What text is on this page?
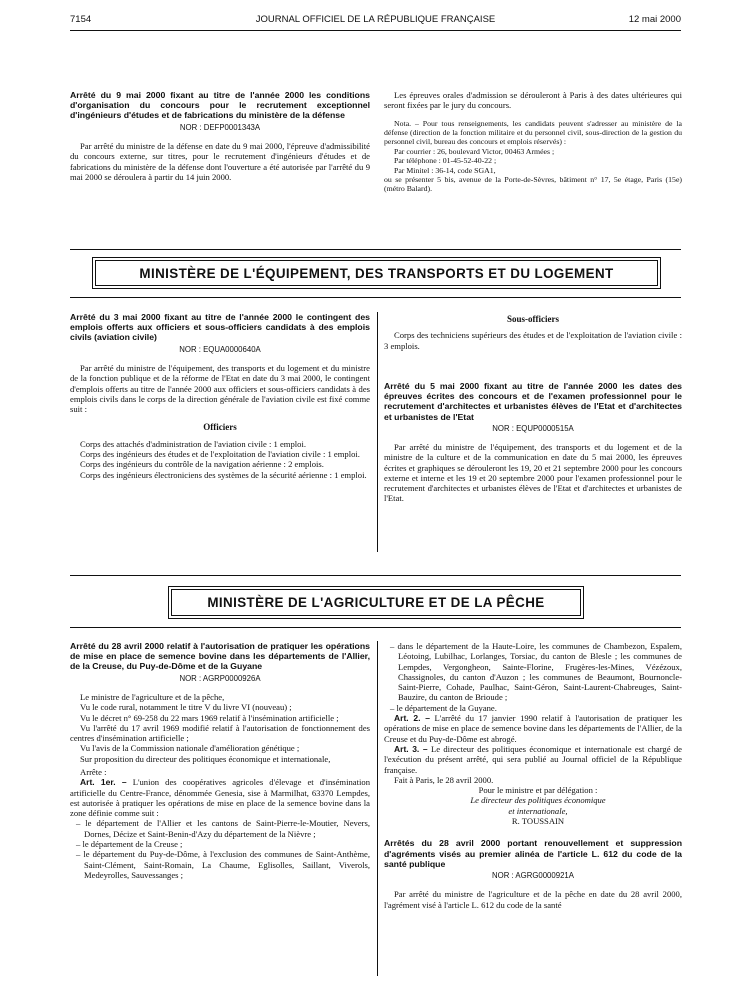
7154	JOURNAL OFFICIEL DE LA RÉPUBLIQUE FRANÇAISE	12 mai 2000

Arrêté du 9 mai 2000 fixant au titre de l'année 2000 les conditions d'organisation du concours pour le recrutement exceptionnel d'ingénieurs d'études et de fabrications du ministère de la défense

NOR : DEFP0001343A

Par arrêté du ministre de la défense en date du 9 mai 2000, l'épreuve d'admissibilité du concours externe, sur titres, pour le recrutement d'ingénieurs d'études et de fabrications du ministère de la défense dont l'ouverture a été autorisée par l'arrêté du 9 mai 2000 se déroulera à partir du 14 juin 2000.

Les épreuves orales d'admission se dérouleront à Paris à des dates ultérieures qui seront fixées par le jury du concours.

Nota. – Pour tous renseignements, les candidats peuvent s'adresser au ministère de la défense (direction de la fonction militaire et du personnel civil, sous-direction de la gestion du personnel civil, bureau des concours et emplois réservés) :

Par courrier : 26, boulevard Victor, 00463 Armées ;

Par téléphone : 01-45-52-40-22 ;

Par Minitel : 36-14, code SGA1,

ou se présenter 5 bis, avenue de la Porte-de-Sèvres, bâtiment n° 17, 5e étage, Paris (15e) (métro Balard).

MINISTÈRE DE L'ÉQUIPEMENT, DES TRANSPORTS ET DU LOGEMENT

Arrêté du 3 mai 2000 fixant au titre de l'année 2000 le contingent des emplois offerts aux officiers et sous-officiers candidats à des emplois civils (aviation civile)

NOR : EQUA0000640A

Par arrêté du ministre de l'équipement, des transports et du logement et du ministre de la fonction publique et de la réforme de l'Etat en date du 3 mai 2000, le contingent d'emplois offerts au titre de l'année 2000 aux officiers et sous-officiers candidats à des emplois civils dans le corps de la direction générale de l'aviation civile est fixé comme suit :

Officiers

Corps des attachés d'administration de l'aviation civile : 1 emploi.

Corps des ingénieurs des études et de l'exploitation de l'aviation civile : 1 emploi.

Corps des ingénieurs du contrôle de la navigation aérienne : 2 emplois.

Corps des ingénieurs électroniciens des systèmes de la sécurité aérienne : 1 emploi.

Sous-officiers

Corps des techniciens supérieurs des études et de l'exploitation de l'aviation civile : 3 emplois.

Arrêté du 5 mai 2000 fixant au titre de l'année 2000 les dates des épreuves écrites des concours et de l'examen professionnel pour le recrutement d'architectes et urbanistes élèves de l'Etat et d'architectes et urbanistes de l'Etat

NOR : EQUP0000515A

Par arrêté du ministre de l'équipement, des transports et du logement et de la ministre de la culture et de la communication en date du 5 mai 2000, les épreuves écrites et graphiques se dérouleront les 19, 20 et 21 septembre 2000 pour les concours externe et interne et les 19 et 20 septembre 2000 pour l'examen professionnel pour le recrutement d'architectes et urbanistes élèves de l'Etat et d'architectes et urbanistes de l'Etat.

MINISTÈRE DE L'AGRICULTURE ET DE LA PÊCHE

Arrêté du 28 avril 2000 relatif à l'autorisation de pratiquer les opérations de mise en place de semence bovine dans les départements de l'Allier, de la Creuse, du Puy-de-Dôme et de la Guyane

NOR : AGRP0000926A

Le ministre de l'agriculture et de la pêche,

Vu le code rural, notamment le titre V du livre VI (nouveau) ;

Vu le décret n° 69-258 du 22 mars 1969 relatif à l'insémination artificielle ;

Vu l'arrêté du 17 avril 1969 modifié relatif à l'autorisation de fonctionnement des centres d'insémination artificielle ;

Vu l'avis de la Commission nationale d'amélioration génétique ;

Sur proposition du directeur des politiques économique et internationale,

Arrête :

Art. 1er. – L'union des coopératives agricoles d'élevage et d'insémination artificielle du Centre-France, dénommée Genesia, sise à Marmilhat, 63370 Lempdes, est autorisée à pratiquer les opérations de mise en place de la semence bovine dans la zone définie comme suit :

– le département de l'Allier et les cantons de Saint-Pierre-le-Moutier, Nevers, Dornes, Décize et Saint-Benin-d'Azy du département de la Nièvre ;

– le département de la Creuse ;

– le département du Puy-de-Dôme, à l'exclusion des communes de Saint-Anthème, Saint-Clément, Saint-Romain, La Chaume, Eglisolles, Saillant, Viverols, Medeyrolles, Sauvessanges ;

– dans le département de la Haute-Loire, les communes de Chambezon, Espalem, Léotoing, Lubilhac, Lorlanges, Torsiac, du canton de Blesle ; les communes de Lempdes, Vergongheon, Sainte-Florine, Frugères-les-Mines, Vézézoux, Chassignoles, du canton d'Auzon ; les communes de Beaumont, Bournoncle-Saint-Pierre, Cohade, Paulhac, Saint-Géron, Saint-Laurent-Chabreuges, Saint-Bauzire, du canton de Brioude ;

– le département de la Guyane.

Art. 2. – L'arrêté du 17 janvier 1990 relatif à l'autorisation de pratiquer les opérations de mise en place de semence bovine dans les départements de l'Allier, de la Creuse et du Puy-de-Dôme est abrogé.

Art. 3. – Le directeur des politiques économique et internationale est chargé de l'exécution du présent arrêté, qui sera publié au Journal officiel de la République française.

Fait à Paris, le 28 avril 2000.

Pour le ministre et par délégation :

Le directeur des politiques économique

et internationale,

R. TOUSSAIN

Arrêtés du 28 avril 2000 portant renouvellement et suppression d'agréments visés au premier alinéa de l'article L. 612 du code de la santé publique

NOR : AGRG0000921A

Par arrêté du ministre de l'agriculture et de la pêche en date du 28 avril 2000, l'agrément visé à l'article L. 612 du code de la santé
